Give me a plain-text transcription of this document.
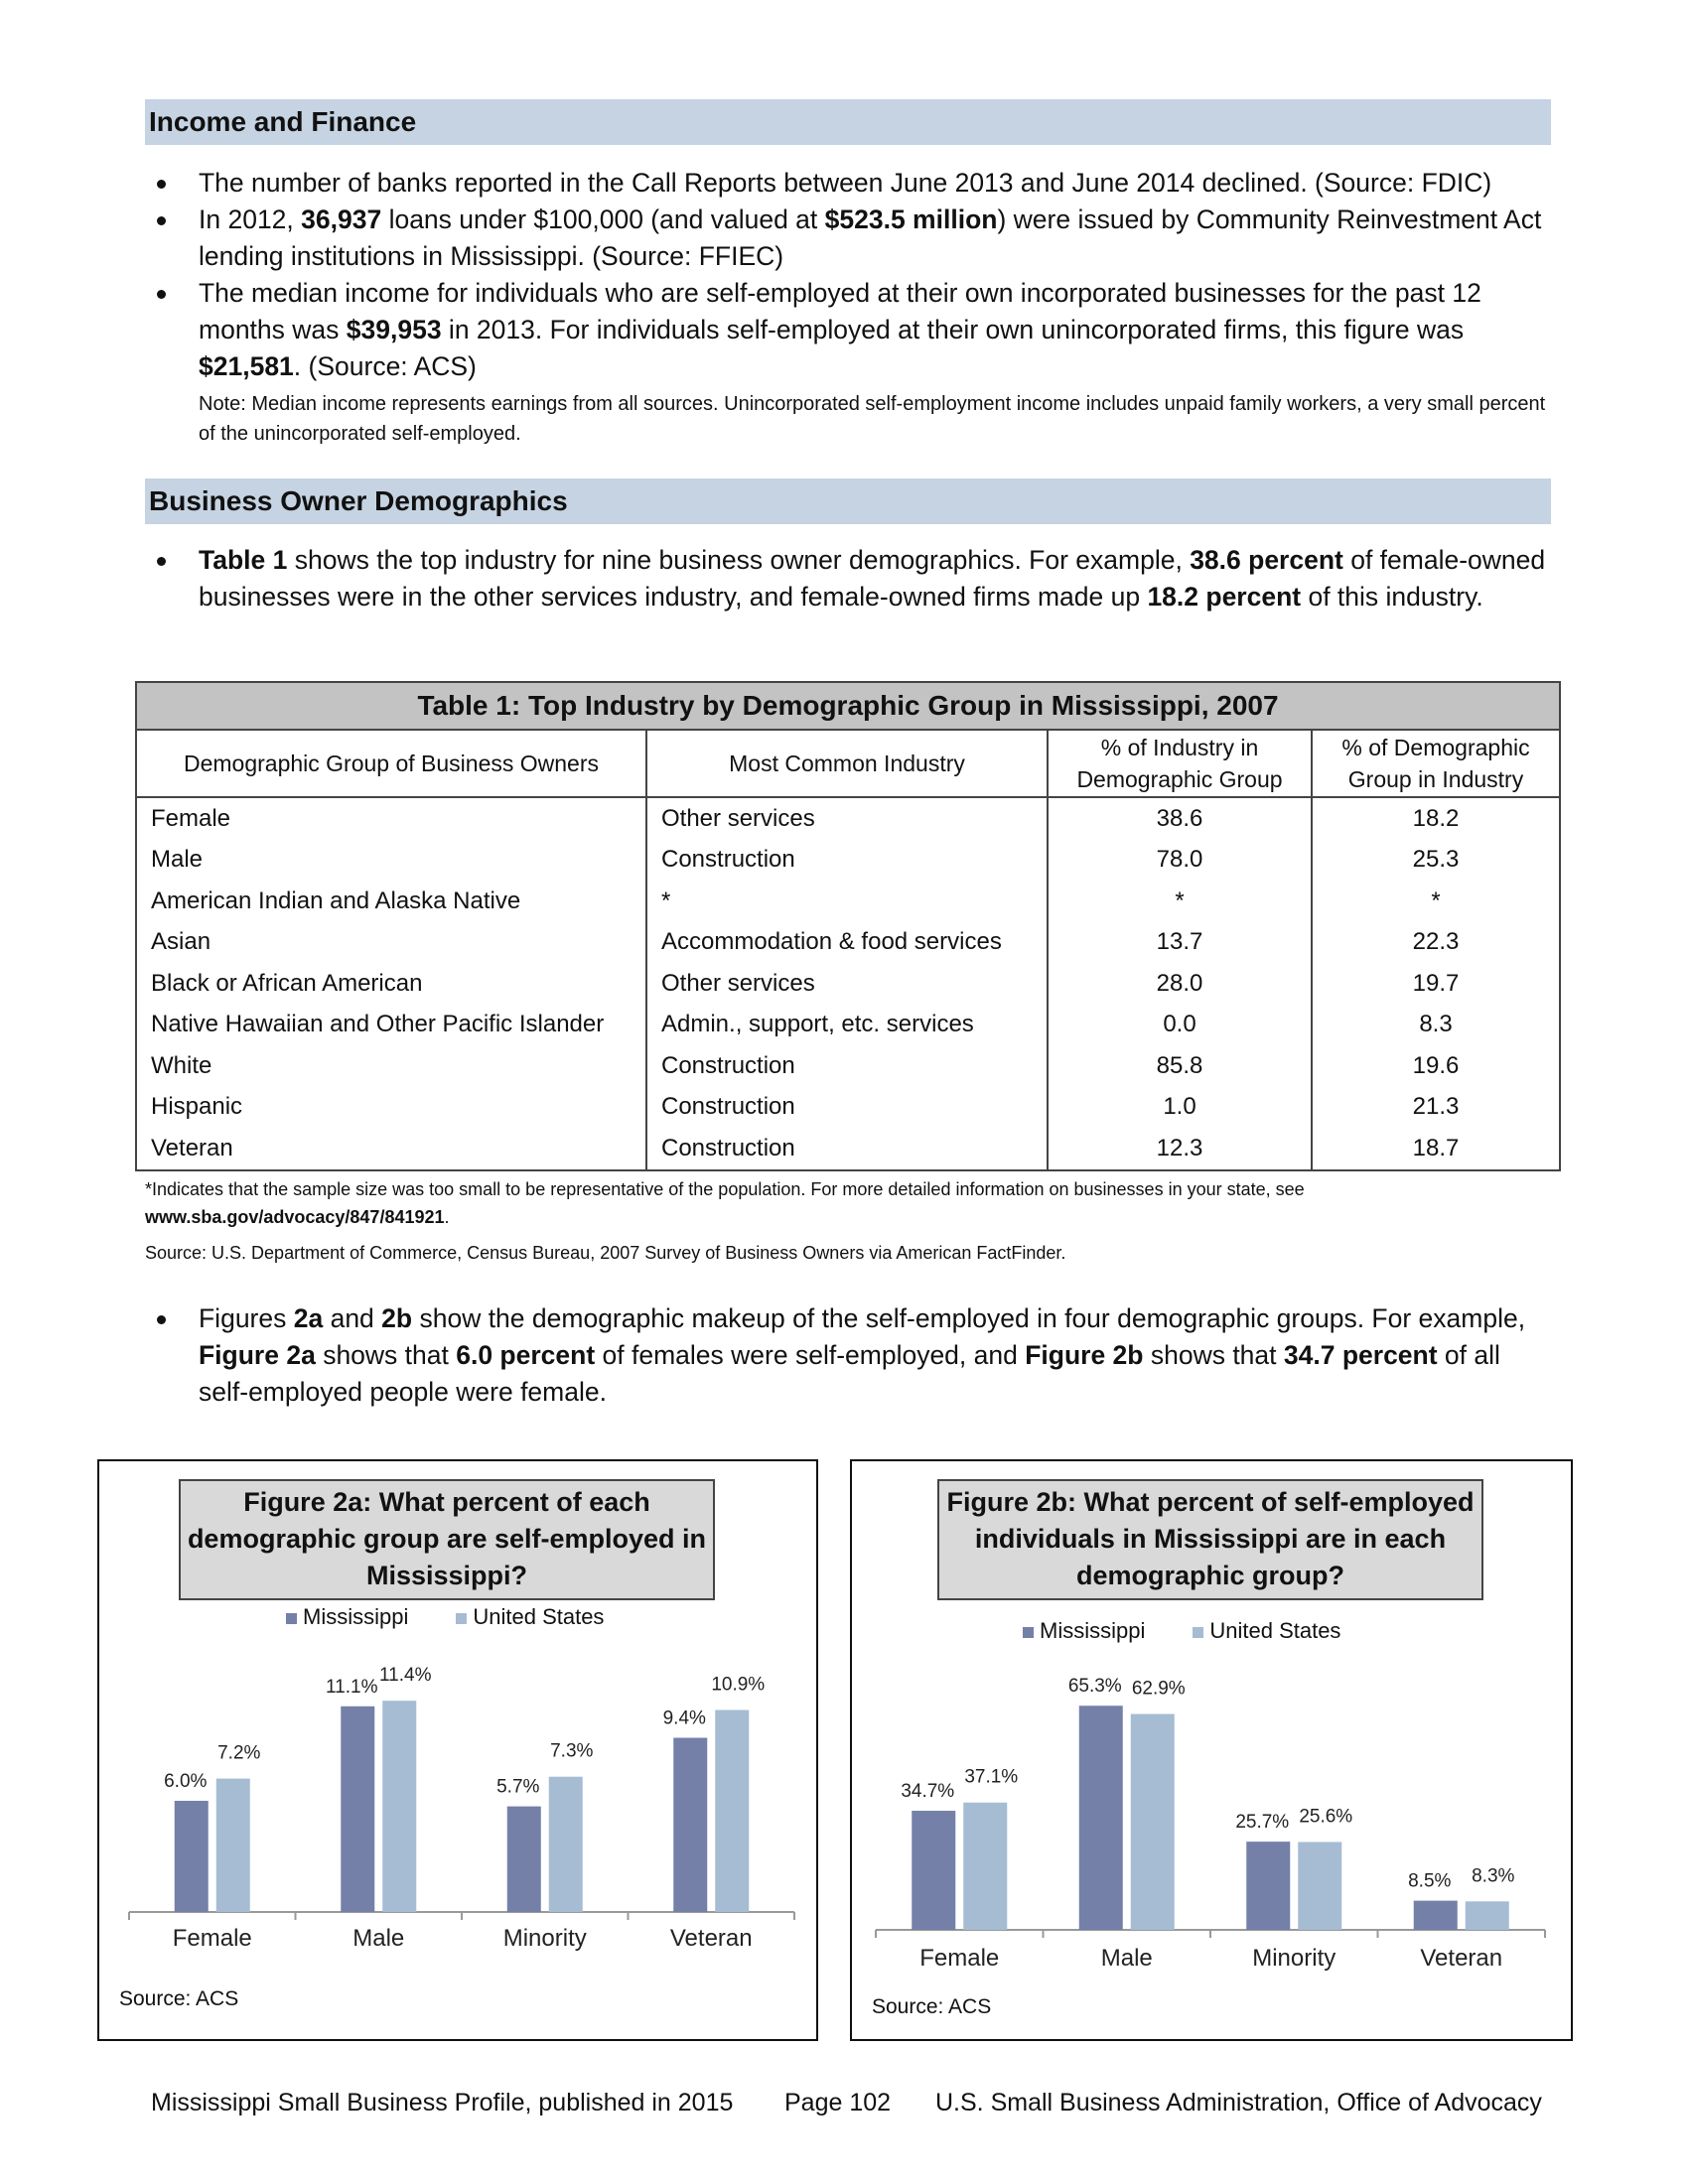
Income and Finance
The number of banks reported in the Call Reports between June 2013 and June 2014 declined. (Source: FDIC)
In 2012, 36,937 loans under $100,000 (and valued at $523.5 million) were issued by Community Reinvestment Act lending institutions in Mississippi. (Source: FFIEC)
The median income for individuals who are self-employed at their own incorporated businesses for the past 12 months was $39,953 in 2013. For individuals self-employed at their own unincorporated firms, this figure was $21,581. (Source: ACS)
Note: Median income represents earnings from all sources. Unincorporated self-employment income includes unpaid family workers, a very small percent of the unincorporated self-employed.
Business Owner Demographics
Table 1 shows the top industry for nine business owner demographics. For example, 38.6 percent of female-owned businesses were in the other services industry, and female-owned firms made up 18.2 percent of this industry.
Table 1: Top Industry by Demographic Group in Mississippi, 2007			
Demographic Group of Business Owners	Most Common Industry	% of Industry in Demographic Group	% of Demographic Group in Industry
Female	Other services	38.6	18.2
Male	Construction	78.0	25.3
American Indian and Alaska Native	*	*	*
Asian	Accommodation & food services	13.7	22.3
Black or African American	Other services	28.0	19.7
Native Hawaiian and Other Pacific Islander	Admin., support, etc. services	0.0	8.3
White	Construction	85.8	19.6
Hispanic	Construction	1.0	21.3
Veteran	Construction	12.3	18.7
*Indicates that the sample size was too small to be representative of the population. For more detailed information on businesses in your state, see www.sba.gov/advocacy/847/841921.
Source: U.S. Department of Commerce, Census Bureau, 2007 Survey of Business Owners via American FactFinder.
Figures 2a and 2b show the demographic makeup of the self-employed in four demographic groups. For example, Figure 2a shows that 6.0 percent of females were self-employed, and Figure 2b shows that 34.7 percent of all self-employed people were female.
Figure 2a: What percent of each demographic group are self-employed in Mississippi?
Mississippi	United States
6.0%
7.2%
Female
11.1%
11.4%
Male
5.7%
7.3%
Minority
9.4%
10.9%
Veteran
Source: ACS
Figure 2b: What percent of self-employed individuals in Mississippi are in each demographic group?
Mississippi	United States
34.7%
37.1%
Female
65.3% 62.9%
Male
25.7% 25.6%
Minority
8.5% 8.3%
Veteran
Source: ACS
Mississippi Small Business Profile, published in 2015 Page 102 U.S. Small Business Administration, Office of Advocacy
